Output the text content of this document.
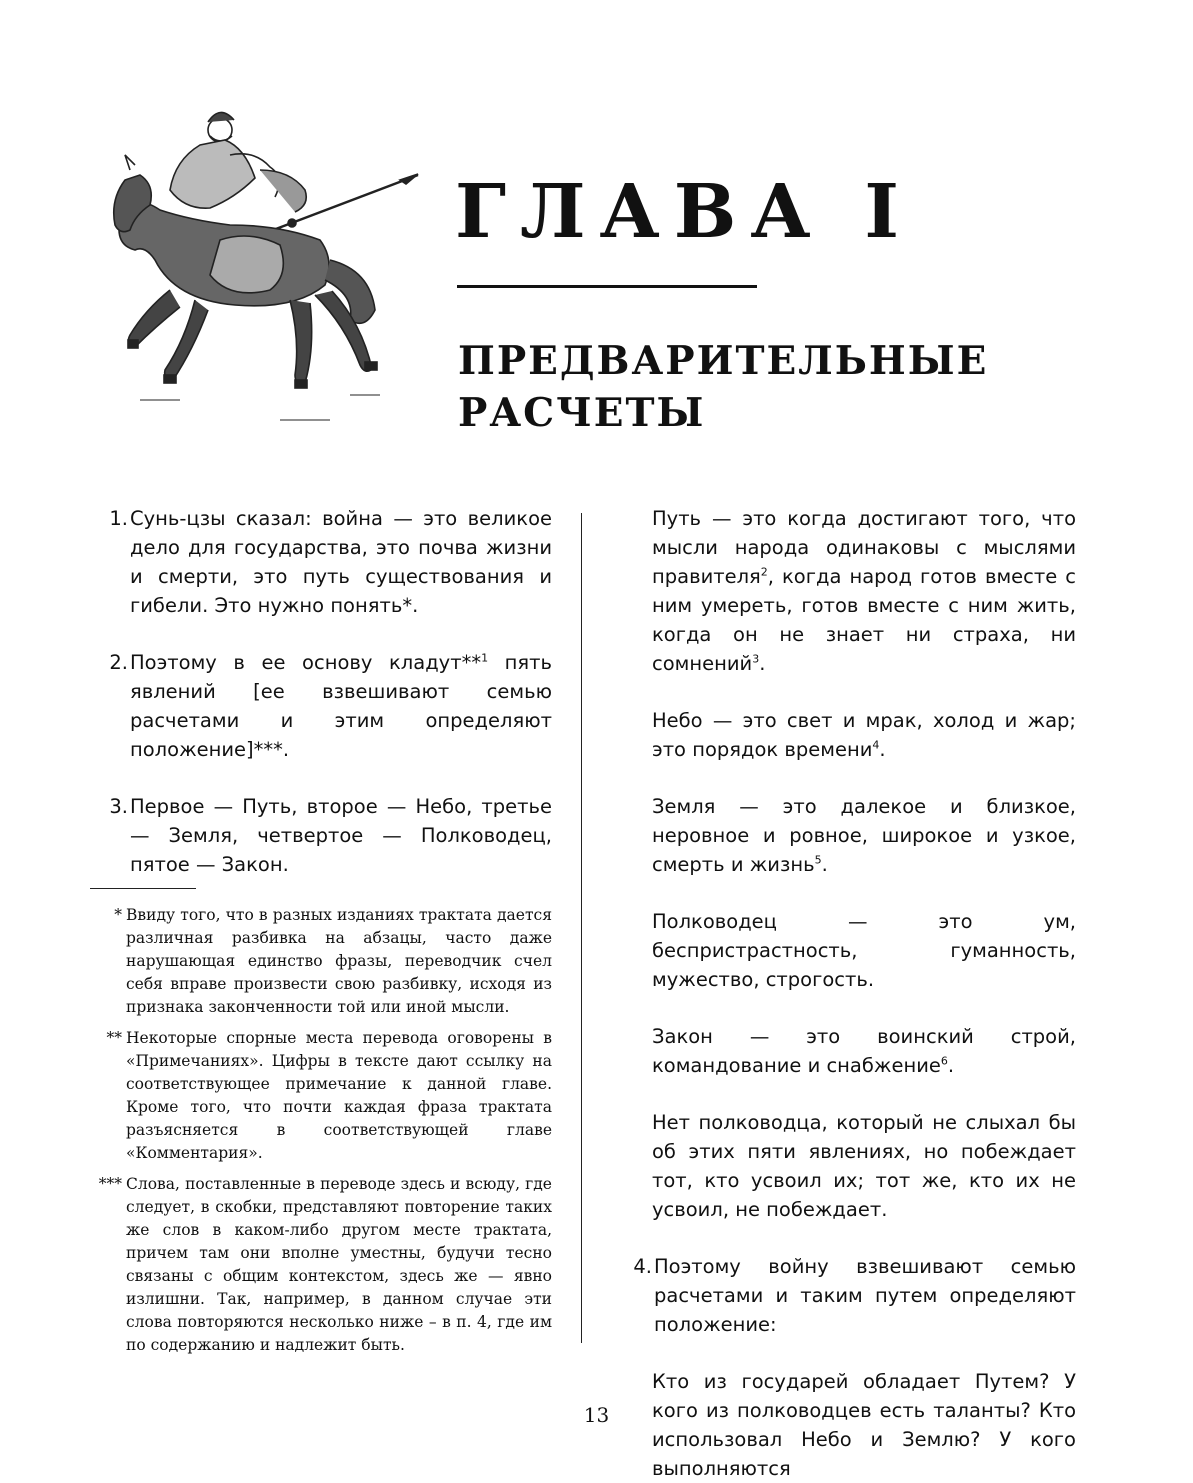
ГЛАВА I
ПРЕДВАРИТЕЛЬНЫЕ
РАСЧЕТЫ
1. Сунь-цзы сказал: война — это великое дело для государства, это почва жизни и смерти, это путь существования и гибели. Это нужно понять*.
2. Поэтому в ее основу кладут**$^1$ пять явлений [ее взвешивают семью расчетами и этим определяют положение]***.
3. Первое — Путь, второе — Небо, третье — Земля, четвертое — Полководец, пятое — Закон.
* Ввиду того, что в разных изданиях трактата дается различная разбивка на абзацы, часто даже нарушающая единство фразы, переводчик счел себя вправе произвести свою разбивку, исходя из признака законченности той или иной мысли.
** Некоторые спорные места перевода оговорены в «Примечаниях». Цифры в тексте дают ссылку на соответствующее примечание к данной главе. Кроме того, что почти каждая фраза трактата разъясняется в соответствующей главе «Комментария».
*** Слова, поставленные в переводе здесь и всюду, где следует, в скобки, представляют повторение таких же слов в каком-либо другом месте трактата, причем там они вполне уместны, будучи тесно связаны с общим контекстом, здесь же — явно излишни. Так, например, в данном случае эти слова повторяются несколько ниже – в п. 4, где им по содержанию и надлежит быть.

Путь — это когда достигают того, что мысли народа одинаковы с мыслями правителя$^2$, когда народ готов вместе с ним умереть, готов вместе с ним жить, когда он не знает ни страха, ни сомнений$^3$.

Небо — это свет и мрак, холод и жар; это порядок времени$^4$.

Земля — это далекое и близкое, неровное и ровное, широкое и узкое, смерть и жизнь$^5$.

Полководец — это ум, беспристрастность, гуманность, мужество, строгость.

Закон — это воинский строй, командование и снабжение$^6$.

Нет полководца, который не слыхал бы об этих пяти явлениях, но побеждает тот, кто усвоил их; тот же, кто их не усвоил, не побеждает.

4. Поэтому войну взвешивают семью расчетами и таким путем определяют положение:

Кто из государей обладает Путем? У кого из полководцев есть таланты? Кто использовал Небо и Землю? У кого выполняются

13
